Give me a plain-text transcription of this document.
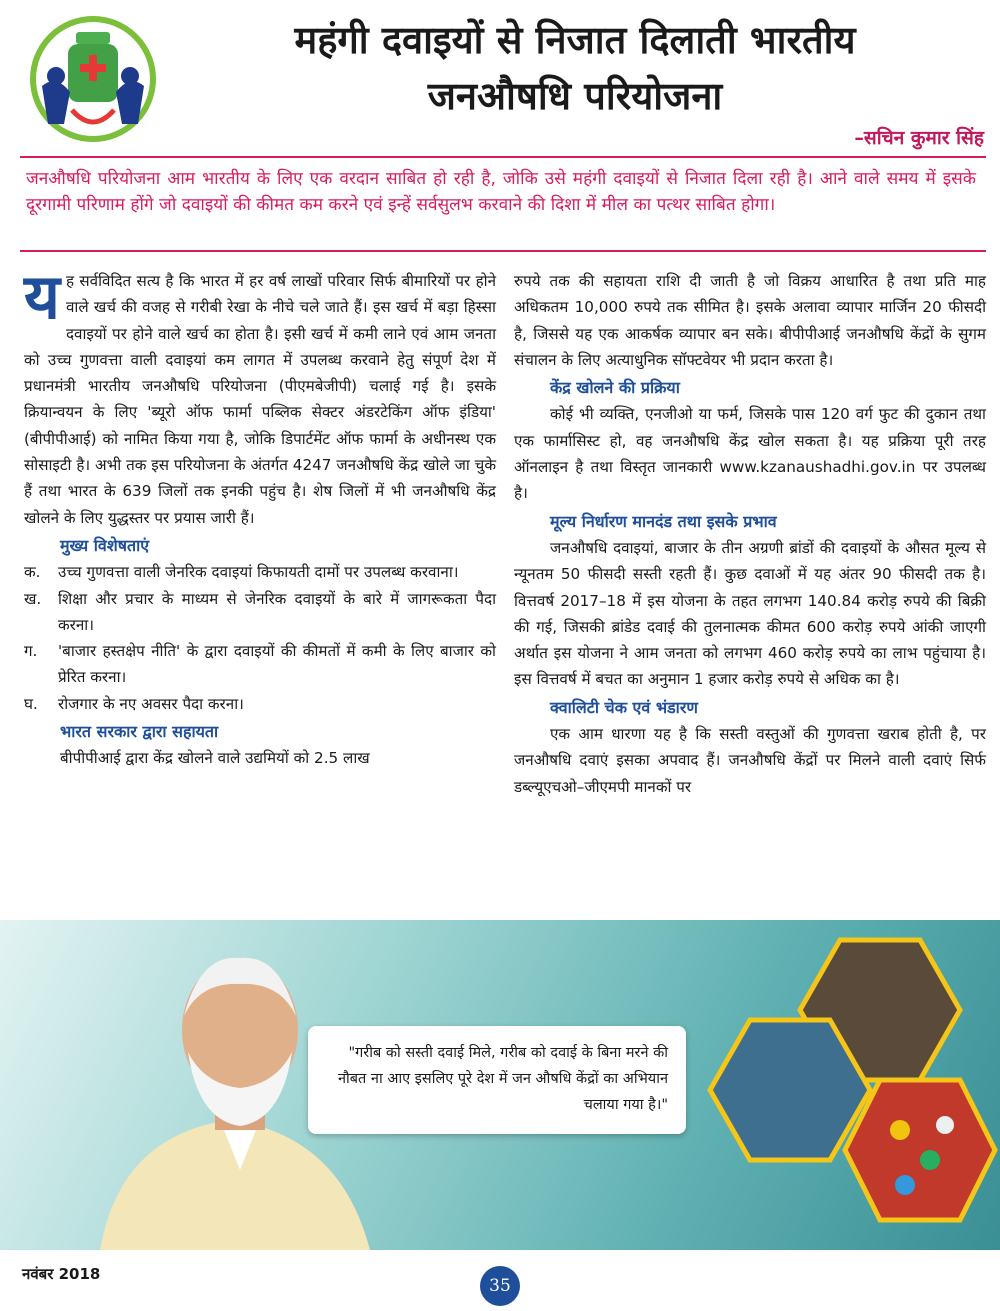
महंगी दवाइयों से निजात दिलाती भारतीय
जनऔषधि परियोजना
–सचिन कुमार सिंह

जनऔषधि परियोजना आम भारतीय के लिए एक वरदान साबित हो रही है, जोकि उसे महंगी दवाइयों से निजात दिला रही है। आने वाले समय में इसके दूरगामी परिणाम होंगे जो दवाइयों की कीमत कम करने एवं इन्हें सर्वसुलभ करवाने की दिशा में मील का पत्थर साबित होगा।

यह सर्वविदित सत्य है कि भारत में हर वर्ष लाखों परिवार सिर्फ बीमारियों पर होने वाले खर्च की वजह से गरीबी रेखा के नीचे चले जाते हैं। इस खर्च में बड़ा हिस्सा दवाइयों पर होने वाले खर्च का होता है। इसी खर्च में कमी लाने एवं आम जनता को उच्च गुणवत्ता वाली दवाइयां कम लागत में उपलब्ध करवाने हेतु संपूर्ण देश में प्रधानमंत्री भारतीय जनऔषधि परियोजना (पीएमबेजीपी) चलाई गई है। इसके क्रियान्वयन के लिए 'ब्यूरो ऑफ फार्मा पब्लिक सेक्टर अंडरटेकिंग ऑफ इंडिया' (बीपीपीआई) को नामित किया गया है, जोकि डिपार्टमेंट ऑफ फार्मा के अधीनस्थ एक सोसाइटी है। अभी तक इस परियोजना के अंतर्गत 4247 जनऔषधि केंद्र खोले जा चुके हैं तथा भारत के 639 जिलों तक इनकी पहुंच है। शेष जिलों में भी जनऔषधि केंद्र खोलने के लिए युद्धस्तर पर प्रयास जारी हैं।

मुख्य विशेषताएं

क.	उच्च गुणवत्ता वाली जेनरिक दवाइयां किफायती दामों पर उपलब्ध करवाना।
ख.	शिक्षा और प्रचार के माध्यम से जेनरिक दवाइयों के बारे में जागरूकता पैदा करना।
ग.	'बाजार हस्तक्षेप नीति' के द्वारा दवाइयों की कीमतों में कमी के लिए बाजार को प्रेरित करना।
घ.	रोजगार के नए अवसर पैदा करना।

भारत सरकार द्वारा सहायता

बीपीपीआई द्वारा केंद्र खोलने वाले उद्यमियों को 2.5 लाख

रुपये तक की सहायता राशि दी जाती है जो विक्रय आधारित है तथा प्रति माह अधिकतम 10,000 रुपये तक सीमित है। इसके अलावा व्यापार मार्जिन 20 फीसदी है, जिससे यह एक आकर्षक व्यापार बन सके। बीपीपीआई जनऔषधि केंद्रों के सुगम संचालन के लिए अत्याधुनिक सॉफ्टवेयर भी प्रदान करता है।

केंद्र खोलने की प्रक्रिया

कोई भी व्यक्ति, एनजीओ या फर्म, जिसके पास 120 वर्ग फुट की दुकान तथा एक फार्मासिस्ट हो, वह जनऔषधि केंद्र खोल सकता है। यह प्रक्रिया पूरी तरह ऑनलाइन है तथा विस्तृत जानकारी www.kzanaushadhi.gov.in पर उपलब्ध है।

मूल्य निर्धारण मानदंड तथा इसके प्रभाव

जनऔषधि दवाइयां, बाजार के तीन अग्रणी ब्रांडों की दवाइयों के औसत मूल्य से न्यूनतम 50 फीसदी सस्ती रहती हैं। कुछ दवाओं में यह अंतर 90 फीसदी तक है। वित्तवर्ष 2017–18 में इस योजना के तहत लगभग 140.84 करोड़ रुपये की बिक्री की गई, जिसकी ब्रांडेड दवाई की तुलनात्मक कीमत 600 करोड़ रुपये आंकी जाएगी अर्थात इस योजना ने आम जनता को लगभग 460 करोड़ रुपये का लाभ पहुंचाया है। इस वित्तवर्ष में बचत का अनुमान 1 हजार करोड़ रुपये से अधिक का है।

क्वालिटी चेक एवं भंडारण

एक आम धारणा यह है कि सस्ती वस्तुओं की गुणवत्ता खराब होती है, पर जनऔषधि दवाएं इसका अपवाद हैं। जनऔषधि केंद्रों पर मिलने वाली दवाएं सिर्फ डब्ल्यूएचओ–जीएमपी मानकों पर

"गरीब को सस्ती दवाई मिले, गरीब को दवाई के बिना मरने की नौबत ना आए इसलिए पूरे देश में जन औषधि केंद्रों का अभियान चलाया गया है।"

नवंबर 2018
35
